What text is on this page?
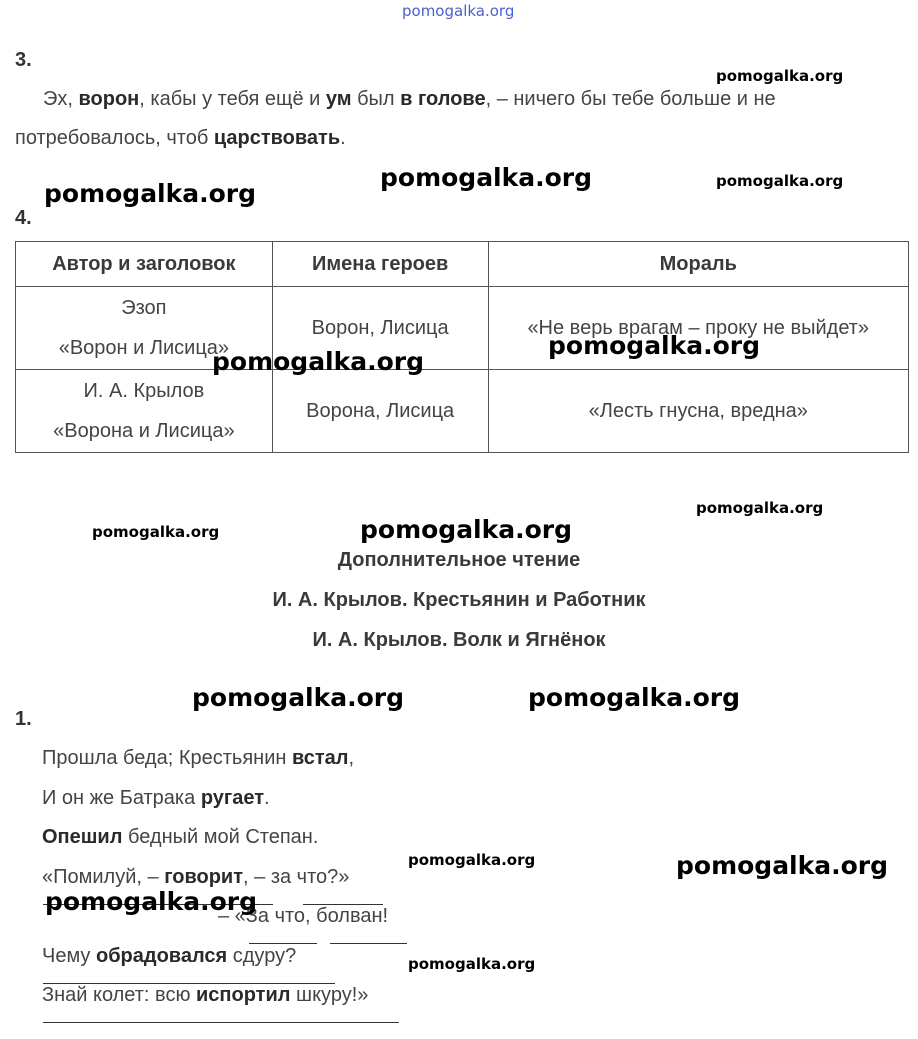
pomogalka.org
3.
Эх, ворон, кабы у тебя ещё и ум был в голове, – ничего бы тебе больше и не
потребовалось, чтоб царствовать.
4.
Автор и заголовок	Имена героев	Мораль

Эзоп
«Ворон и Лисица»	Ворон, Лисица	«Не верь врагам – проку не выйдет»

И. А. Крылов
«Ворона и Лисица»	Ворона, Лисица	«Лесть гнусна, вредна»
Дополнительное чтение
И. А. Крылов. Крестьянин и Работник
И. А. Крылов. Волк и Ягнёнок
1.
Прошла беда; Крестьянин встал,
И он же Батрака ругает.
Опешил бедный мой Степан.
«Помилуй, – говорит, – за что?»
– «За что, болван!
Чему обрадовался сдуру?
Знай колет: всю испортил шкуру!»
pomogalka.org
pomogalka.org	pomogalka.org
pomogalka.org
pomogalka.org
pomogalka.org
pomogalka.org
pomogalka.org
pomogalka.org
pomogalka.org	pomogalka.org
pomogalka.org	pomogalka.org
pomogalka.org
pomogalka.org
